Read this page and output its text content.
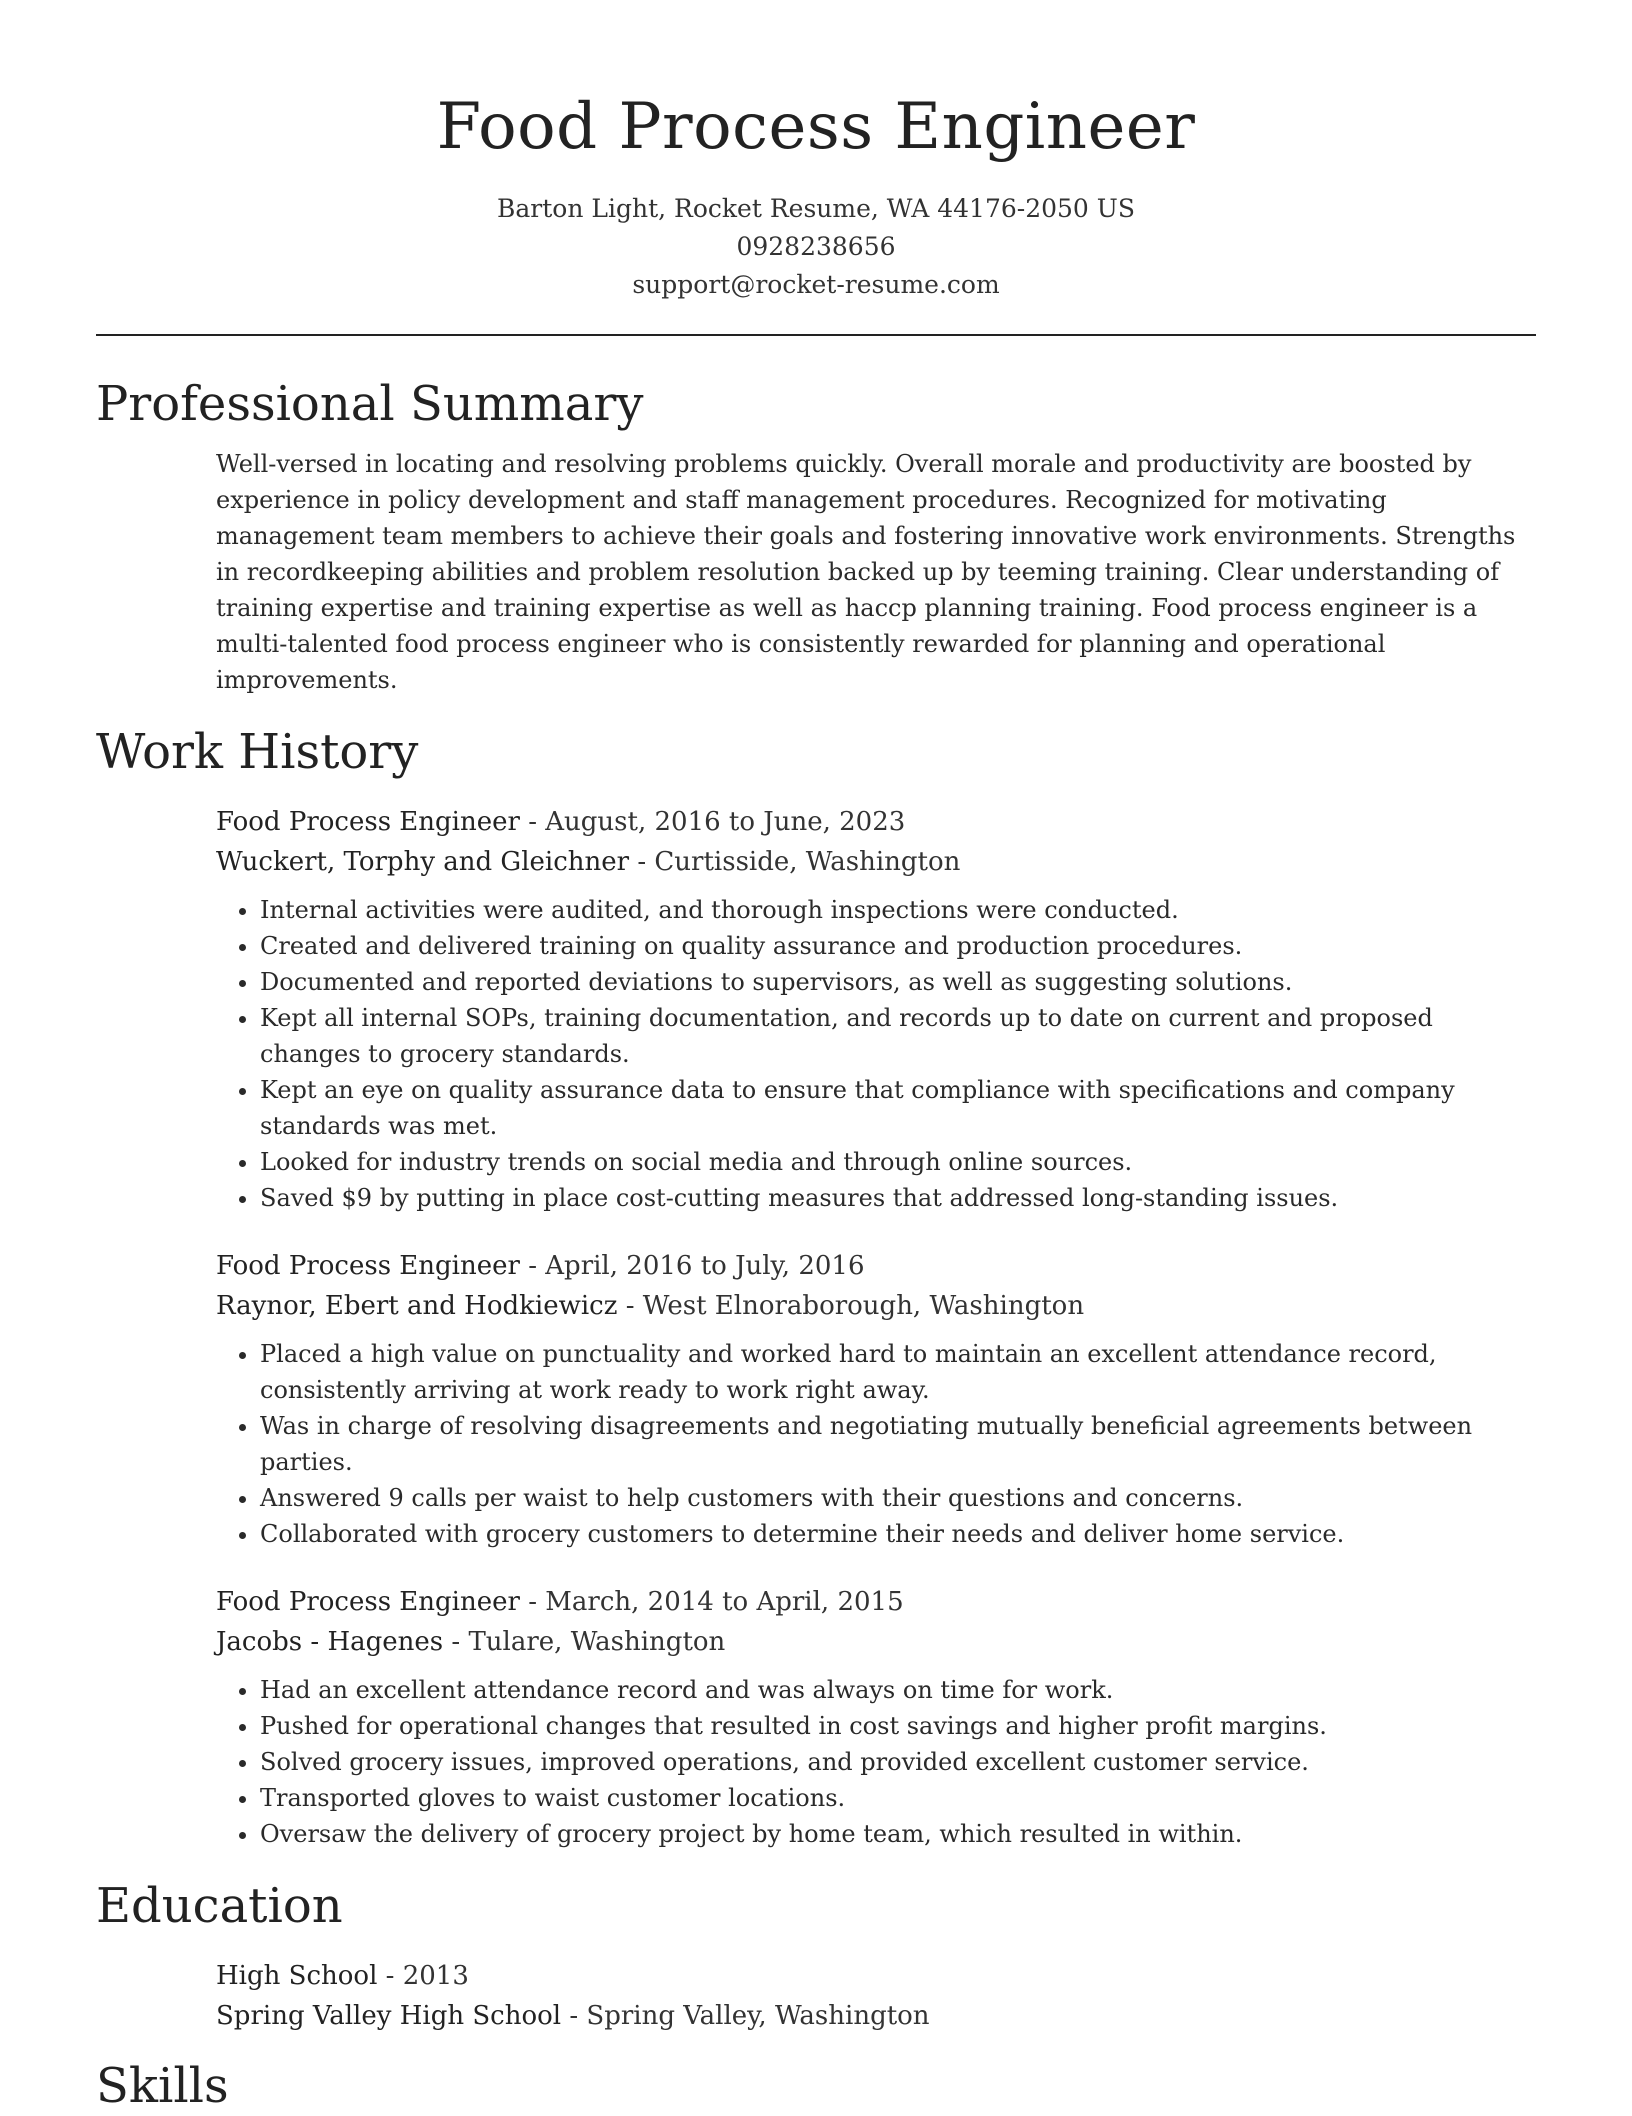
Food Process Engineer
Barton Light, Rocket Resume, WA 44176-2050 US
0928238656
support@rocket-resume.com
Professional Summary
Well-versed in locating and resolving problems quickly. Overall morale and productivity are boosted by experience in policy development and staff management procedures. Recognized for motivating management team members to achieve their goals and fostering innovative work environments. Strengths in recordkeeping abilities and problem resolution backed up by teeming training. Clear understanding of training expertise and training expertise as well as haccp planning training. Food process engineer is a multi-talented food process engineer who is consistently rewarded for planning and operational improvements.
Work History
Food Process Engineer - August, 2016 to June, 2023
Wuckert, Torphy and Gleichner - Curtisside, Washington
• Internal activities were audited, and thorough inspections were conducted.
• Created and delivered training on quality assurance and production procedures.
• Documented and reported deviations to supervisors, as well as suggesting solutions.
• Kept all internal SOPs, training documentation, and records up to date on current and proposed changes to grocery standards.
• Kept an eye on quality assurance data to ensure that compliance with specifications and company standards was met.
• Looked for industry trends on social media and through online sources.
• Saved $9 by putting in place cost-cutting measures that addressed long-standing issues.
Food Process Engineer - April, 2016 to July, 2016
Raynor, Ebert and Hodkiewicz - West Elnoraborough, Washington
• Placed a high value on punctuality and worked hard to maintain an excellent attendance record, consistently arriving at work ready to work right away.
• Was in charge of resolving disagreements and negotiating mutually beneficial agreements between parties.
• Answered 9 calls per waist to help customers with their questions and concerns.
• Collaborated with grocery customers to determine their needs and deliver home service.
Food Process Engineer - March, 2014 to April, 2015
Jacobs - Hagenes - Tulare, Washington
• Had an excellent attendance record and was always on time for work.
• Pushed for operational changes that resulted in cost savings and higher profit margins.
• Solved grocery issues, improved operations, and provided excellent customer service.
• Transported gloves to waist customer locations.
• Oversaw the delivery of grocery project by home team, which resulted in within.
Education
High School - 2013
Spring Valley High School - Spring Valley, Washington
Skills
